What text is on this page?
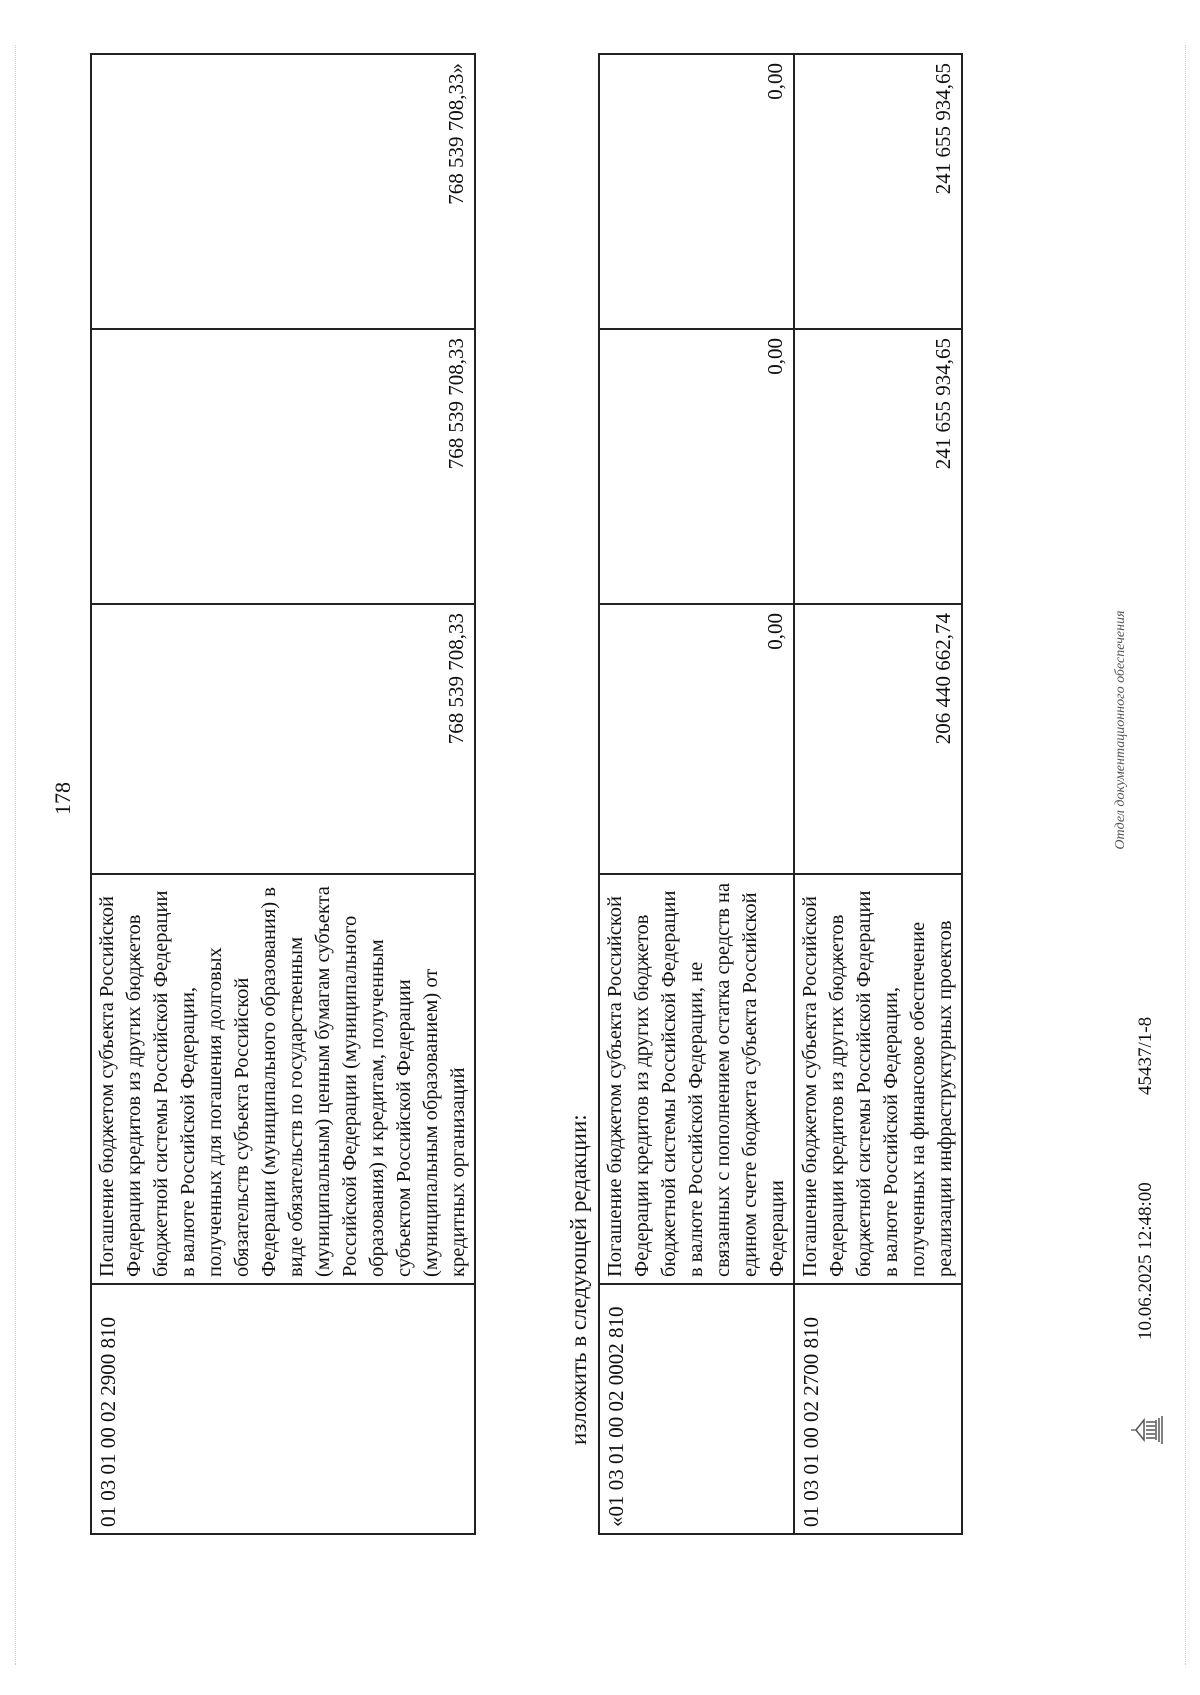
178
01 03 01 00 02 2900 810	Погашение бюджетом субъекта Российской Федерации кредитов из других бюджетов бюджетной системы Российской Федерации в валюте Российской Федерации, полученных для погашения долговых обязательств субъекта Российской Федерации (муниципального образования) в виде обязательств по государственным (муниципальным) ценным бумагам субъекта Российской Федерации (муниципального образования) и кредитам, полученным субъектом Российской Федерации (муниципальным образованием) от кредитных организаций	768 539 708,33	768 539 708,33	768 539 708,33»
изложить в следующей редакции: «01 03 01 00 02 0002 810	Погашение бюджетом субъекта Российской Федерации кредитов из других бюджетов бюджетной системы Российской Федерации в валюте Российской Федерации, не связанных с пополнением остатка средств на едином счете бюджета субъекта Российской Федерации	0,00	0,00	0,00
01 03 01 00 02 2700 810	Погашение бюджетом субъекта Российской Федерации кредитов из других бюджетов бюджетной системы Российской Федерации в валюте Российской Федерации, полученных на финансовое обеспечение реализации инфраструктурных проектов	206 440 662,74	241 655 934,65	241 655 934,65
10.06.2025 12:48:00
45437/1-8
Отдел документационного обеспечения
